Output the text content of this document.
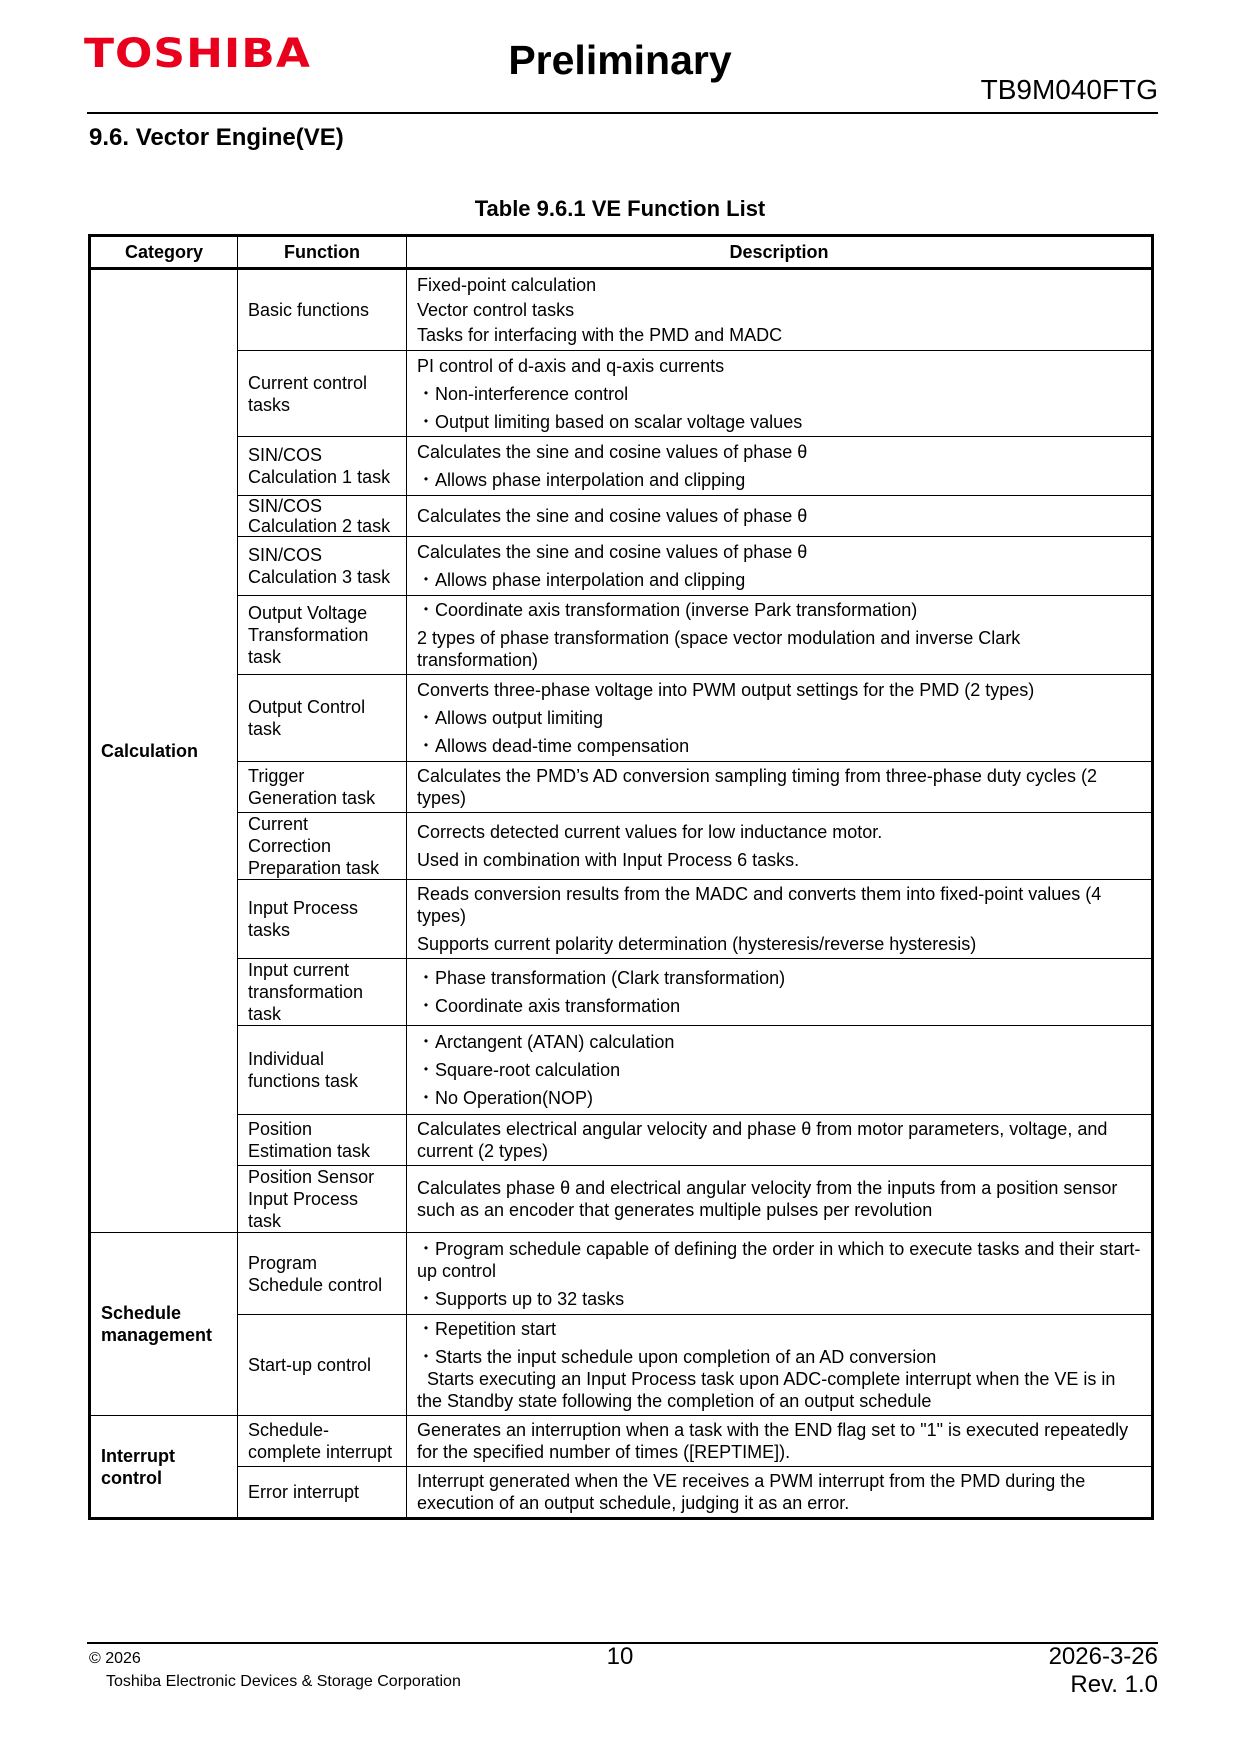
TOSHIBA	Preliminary
TB9M040FTG
9.6. Vector Engine(VE)
Table 9.6.1 VE Function List
Category	Function	Description
Calculation	Basic functions	Fixed-point calculation
Vector control tasks
Tasks for interfacing with the PMD and MADC

	Current control tasks	PI control of d-axis and q-axis currents
・Non-interference control
・Output limiting based on scalar voltage values

	SIN/COS Calculation 1 task	Calculates the sine and cosine values of phase θ
・Allows phase interpolation and clipping

	SIN/COS Calculation 2 task	Calculates the sine and cosine values of phase θ

	SIN/COS Calculation 3 task	Calculates the sine and cosine values of phase θ
・Allows phase interpolation and clipping

	Output Voltage Transformation task	・Coordinate axis transformation (inverse Park transformation)
2 types of phase transformation (space vector modulation and inverse Clark transformation)

	Output Control task	Converts three-phase voltage into PWM output settings for the PMD (2 types)
・Allows output limiting
・Allows dead-time compensation

	Trigger Generation task	Calculates the PMD’s AD conversion sampling timing from three-phase duty cycles (2 types)

	Current Correction Preparation task	Corrects detected current values for low inductance motor.
Used in combination with Input Process 6 tasks.

	Input Process tasks	Reads conversion results from the MADC and converts them into fixed-point values (4 types)
Supports current polarity determination (hysteresis/reverse hysteresis)

	Input current transformation task	・Phase transformation (Clark transformation)
・Coordinate axis transformation

	Individual functions task	・Arctangent (ATAN) calculation
・Square-root calculation
・No Operation(NOP)

	Position Estimation task	Calculates electrical angular velocity and phase θ from motor parameters, voltage, and current (2 types)

	Position Sensor Input Process task	Calculates phase θ and electrical angular velocity from the inputs from a position sensor such as an encoder that generates multiple pulses per revolution

Schedule management	Program Schedule control	・Program schedule capable of defining the order in which to execute tasks and their start-up control
・Supports up to 32 tasks

	Start-up control	・Repetition start
・Starts the input schedule upon completion of an AD conversion
Starts executing an Input Process task upon ADC-complete interrupt when the VE is in the Standby state following the completion of an output schedule

Interrupt control	Schedule-complete interrupt	Generates an interruption when a task with the END flag set to "1" is executed repeatedly for the specified number of times ([REPTIME]).

	Error interrupt	Interrupt generated when the VE receives a PWM interrupt from the PMD during the execution of an output schedule, judging it as an error.
© 2026
Toshiba Electronic Devices & Storage Corporation
10	2026-3-26
Rev. 1.0
